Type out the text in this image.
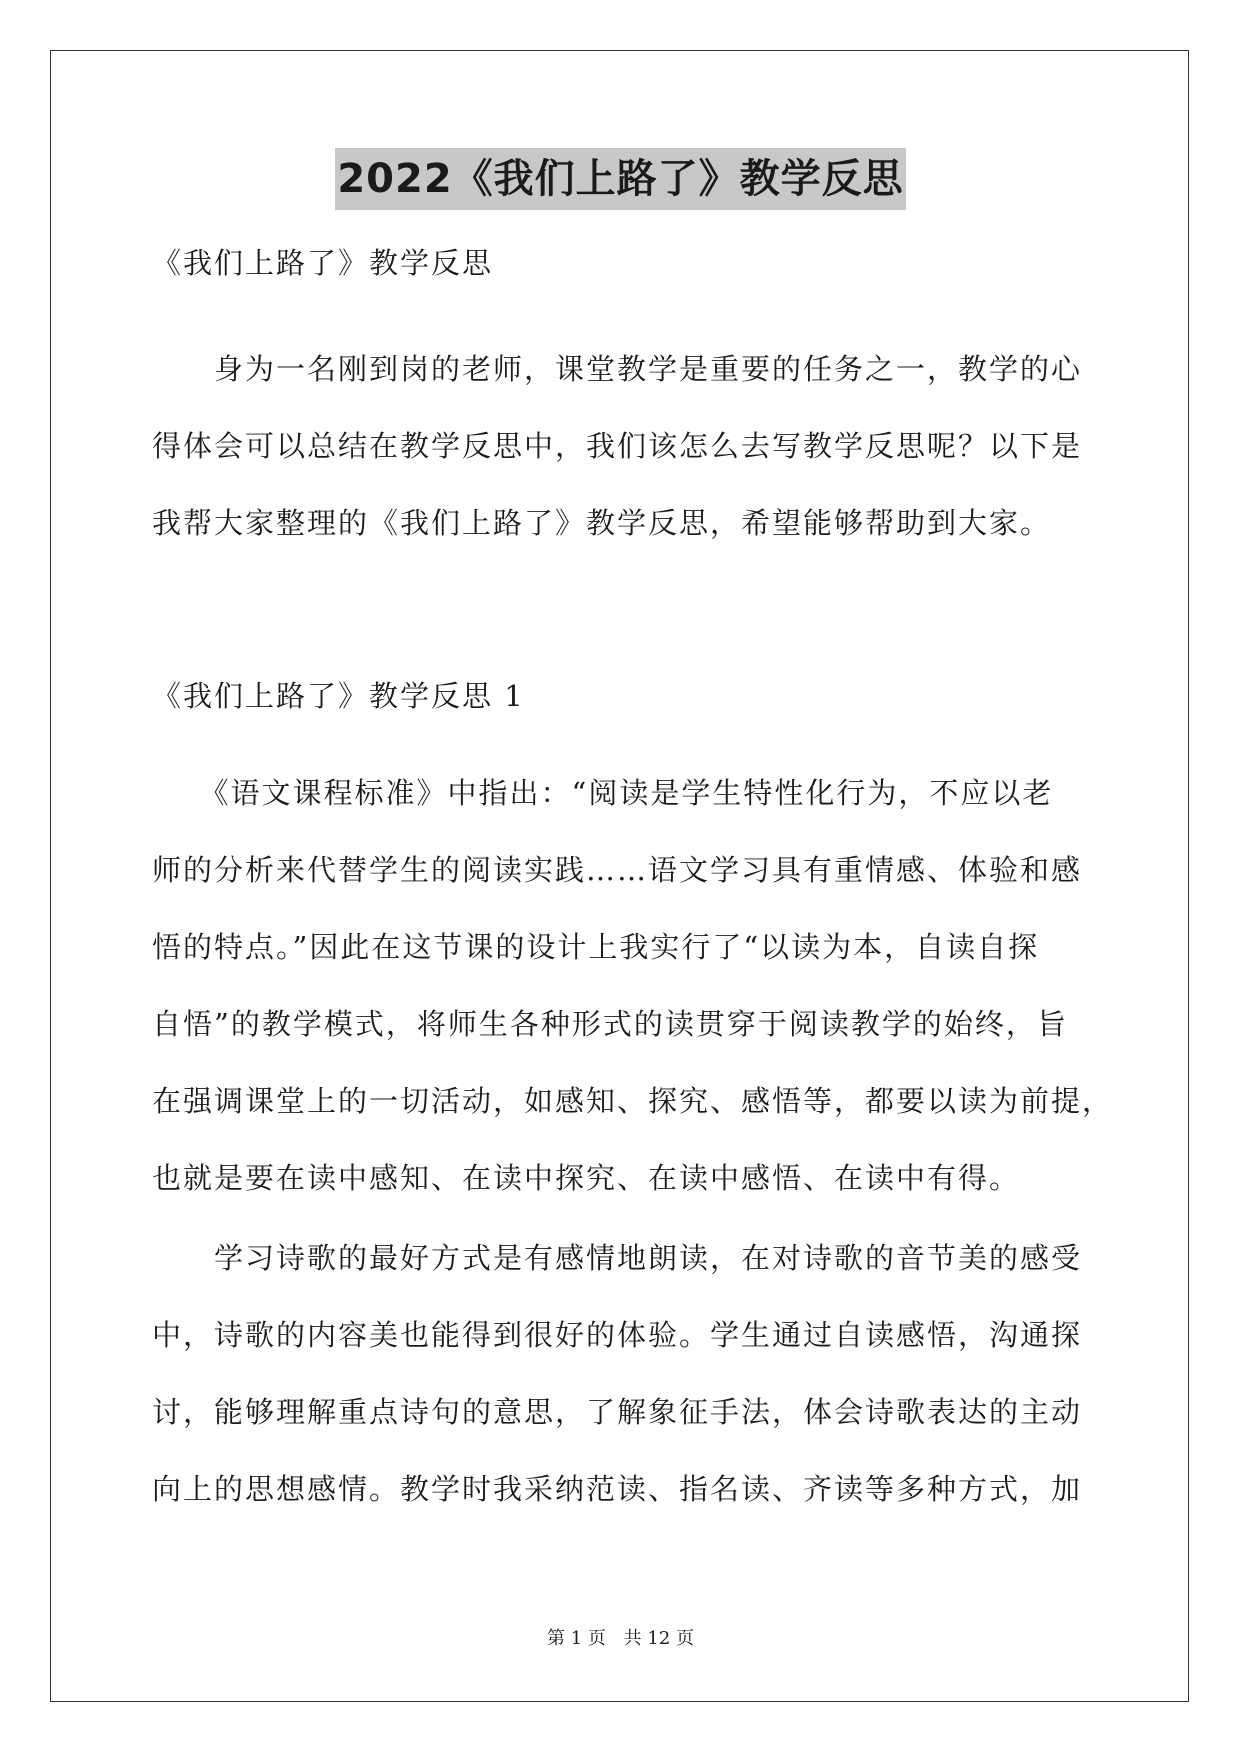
2022《我们上路了》教学反思
《我们上路了》教学反思
　　身为一名刚到岗的老师，课堂教学是重要的任务之一，教学的心
得体会可以总结在教学反思中，我们该怎么去写教学反思呢？以下是
我帮大家整理的《我们上路了》教学反思，希望能够帮助到大家。
《我们上路了》教学反思 1
　　《语文课程标准》中指出：“阅读是学生特性化行为，不应以老
师的分析来代替学生的阅读实践……语文学习具有重情感、体验和感
悟的特点。”因此在这节课的设计上我实行了“以读为本，自读自探
自悟”的教学模式，将师生各种形式的读贯穿于阅读教学的始终，旨
在强调课堂上的一切活动，如感知、探究、感悟等，都要以读为前提，
也就是要在读中感知、在读中探究、在读中感悟、在读中有得。
　　学习诗歌的最好方式是有感情地朗读，在对诗歌的音节美的感受
中，诗歌的内容美也能得到很好的体验。学生通过自读感悟，沟通探
讨，能够理解重点诗句的意思，了解象征手法，体会诗歌表达的主动
向上的思想感情。教学时我采纳范读、指名读、齐读等多种方式，加
第 1 页 共 12 页
